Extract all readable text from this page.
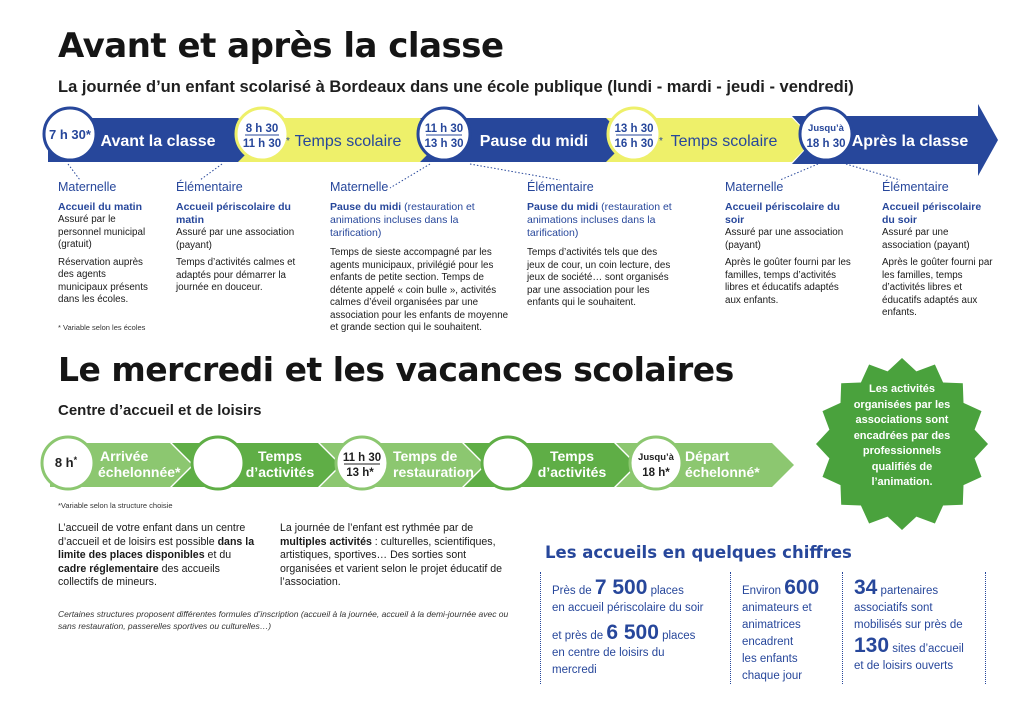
Avant et après la classe
La journée d’un enfant scolarisé à Bordeaux dans une école publique (lundi - mardi - jeudi - vendredi)
7 h 30*	8 h 30
11 h 30 *
11 h 30
13 h 30
13 h 30
16 h 30 *
Jusqu’à
18 h 30
Avant la classe	Temps scolaire	Pause du midi	Temps scolaire	Après la classe
Maternelle
Accueil du matin
Assuré par le personnel municipal (gratuit)
Réservation auprès des agents municipaux présents dans les écoles.
* Variable selon les écoles
Élémentaire
Accueil périscolaire du matin
Assuré par une association (payant)
Temps d’activités calmes et adaptés pour démarrer la journée en douceur.
Maternelle
Pause du midi (restauration et animations incluses dans la tarification)
Temps de sieste accompagné par les agents municipaux, privilégié pour les enfants de petite section. Temps de détente appelé « coin bulle », activités calmes d’éveil organisées par une association pour les enfants de moyenne et grande section qui le souhaitent.
Élémentaire
Pause du midi (restauration et animations incluses dans la tarification)
Temps d’activités tels que des jeux de cour, un coin lecture, des jeux de société… sont organisés par une association pour les enfants qui le souhaitent.
Maternelle
Accueil périscolaire du soir
Assuré par une association (payant)
Après le goûter fourni par les familles, temps d’activités libres et éducatifs adaptés aux enfants.
Élémentaire
Accueil périscolaire du soir
Assuré par une association (payant)
Après le goûter fourni par les familles, temps d’activités libres et éducatifs adaptés aux enfants.
Le mercredi et les vacances scolaires
Centre d’accueil et de loisirs
8 h*	11 h 30
13 h*
Jusqu’à
18 h*
Arrivée
échelonnée*
Temps
d’activités
Temps de
restauration
Temps
d’activités
Départ
échelonné*
*Variable selon la structure choisie
L’accueil de votre enfant dans un centre d’accueil et de loisirs est possible dans la limite des places disponibles et du cadre réglementaire des accueils collectifs de mineurs.
La journée de l’enfant est rythmée par de multiples activités : culturelles, scientifiques, artistiques, sportives… Des sorties sont organisées et varient selon le projet éducatif de l’association.
Certaines structures proposent différentes formules d’inscription (accueil à la journée, accueil à la demi-journée avec ou sans restauration, passerelles sportives ou culturelles…)
Les activités
organisées par les
associations sont
encadrées par des
professionnels
qualifiés de
l’animation.
Les accueils en quelques chiffres
Près de 7 500 places
en accueil périscolaire du soir
et près de 6 500 places
en centre de loisirs du
mercredi
Environ 600
animateurs et
animatrices
encadrent
les enfants
chaque jour
34 partenaires
associatifs sont
mobilisés sur près de
130 sites d’accueil
et de loisirs ouverts
